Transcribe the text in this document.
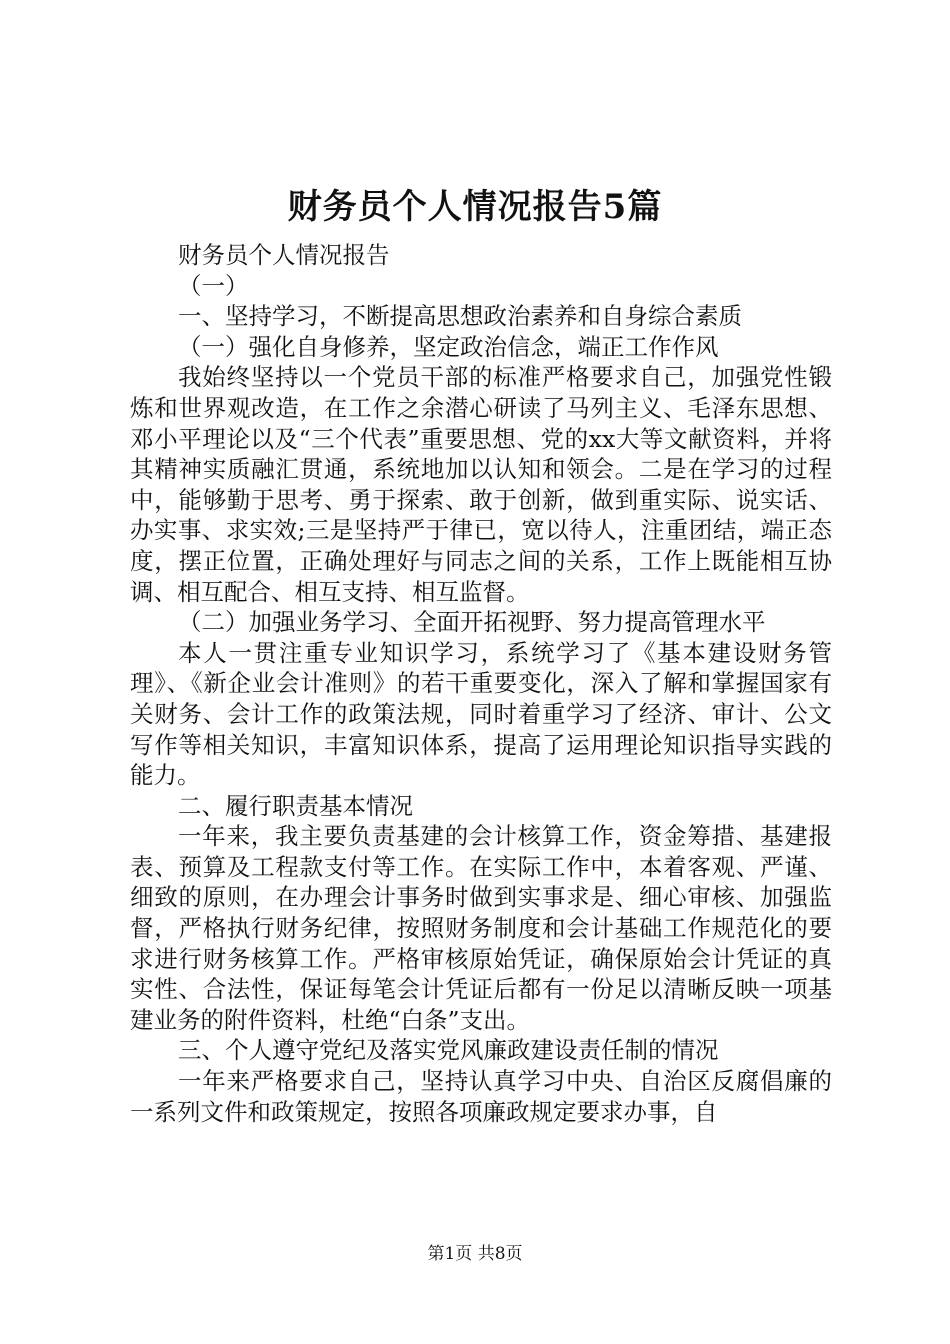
财务员个人情况报告5篇

财务员个人情况报告

（一）

一、坚持学习，不断提高思想政治素养和自身综合素质

（一）强化自身修养，坚定政治信念，端正工作作风

我始终坚持以一个党员干部的标准严格要求自己，加强党性锻炼和世界观改造，在工作之余潜心研读了马列主义、毛泽东思想、邓小平理论以及“三个代表”重要思想、党的xx大等文献资料，并将其精神实质融汇贯通，系统地加以认知和领会。二是在学习的过程中，能够勤于思考、勇于探索、敢于创新，做到重实际、说实话、办实事、求实效;三是坚持严于律已，宽以待人，注重团结，端正态度，摆正位置，正确处理好与同志之间的关系，工作上既能相互协调、相互配合、相互支持、相互监督。

（二）加强业务学习、全面开拓视野、努力提高管理水平

本人一贯注重专业知识学习，系统学习了《基本建设财务管理》、《新企业会计准则》的若干重要变化，深入了解和掌握国家有关财务、会计工作的政策法规，同时着重学习了经济、审计、公文写作等相关知识，丰富知识体系，提高了运用理论知识指导实践的能力。

二、履行职责基本情况

一年来，我主要负责基建的会计核算工作，资金筹措、基建报表、预算及工程款支付等工作。在实际工作中，本着客观、严谨、细致的原则，在办理会计事务时做到实事求是、细心审核、加强监督，严格执行财务纪律，按照财务制度和会计基础工作规范化的要求进行财务核算工作。严格审核原始凭证，确保原始会计凭证的真实性、合法性，保证每笔会计凭证后都有一份足以清晰反映一项基建业务的附件资料，杜绝“白条”支出。

三、个人遵守党纪及落实党风廉政建设责任制的情况

一年来严格要求自己，坚持认真学习中央、自治区反腐倡廉的一系列文件和政策规定，按照各项廉政规定要求办事，自

第1页 共8页
